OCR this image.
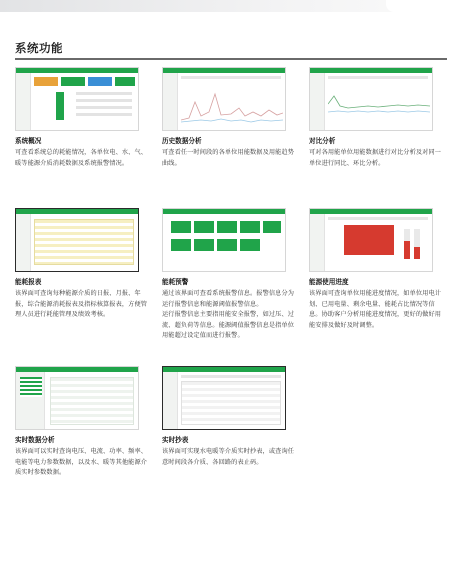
系统功能
系统概况

可查看系统总的耗能情况，各单位电、水、气、暖等能源介质消耗数据及系统报警情况。

历史数据分析

可查看任一时间段的各单位用能数据及用能趋势曲线。

对比分析

可对各用能单位用能数据进行对比分析及对同一单位进行同比、环比分析。

能耗报表

该界面可查询每种能源介质的日报、月报、年报，综合能源消耗报表及指标核算报表，方便管理人员进行耗能管理及绩效考核。

能耗预警

通过该界面可查看系统报警信息。报警信息分为运行报警信息和能源阈值报警信息。

运行报警信息主要指用能安全报警，如过压、过流、超负荷等信息。能源阈值报警信息是指单位用能超过设定值而进行报警。

能源使用进度

该界面可查询单位用能进度情况，如单位用电计划、已用电量、剩余电量、能耗占比情况等信息。协助客户分析用能进度情况，更好的做好用能安排及做好及时调整。

实时数据分析

该界面可以实时查询电压、电流、功率、频率、电能等电力参数数据，以及水、暖等其他能源介质实时参数数据。

实时抄表

该界面可实现水电暖等介质实时抄表，或查询任意时间段各介质、各回路的表止码。
